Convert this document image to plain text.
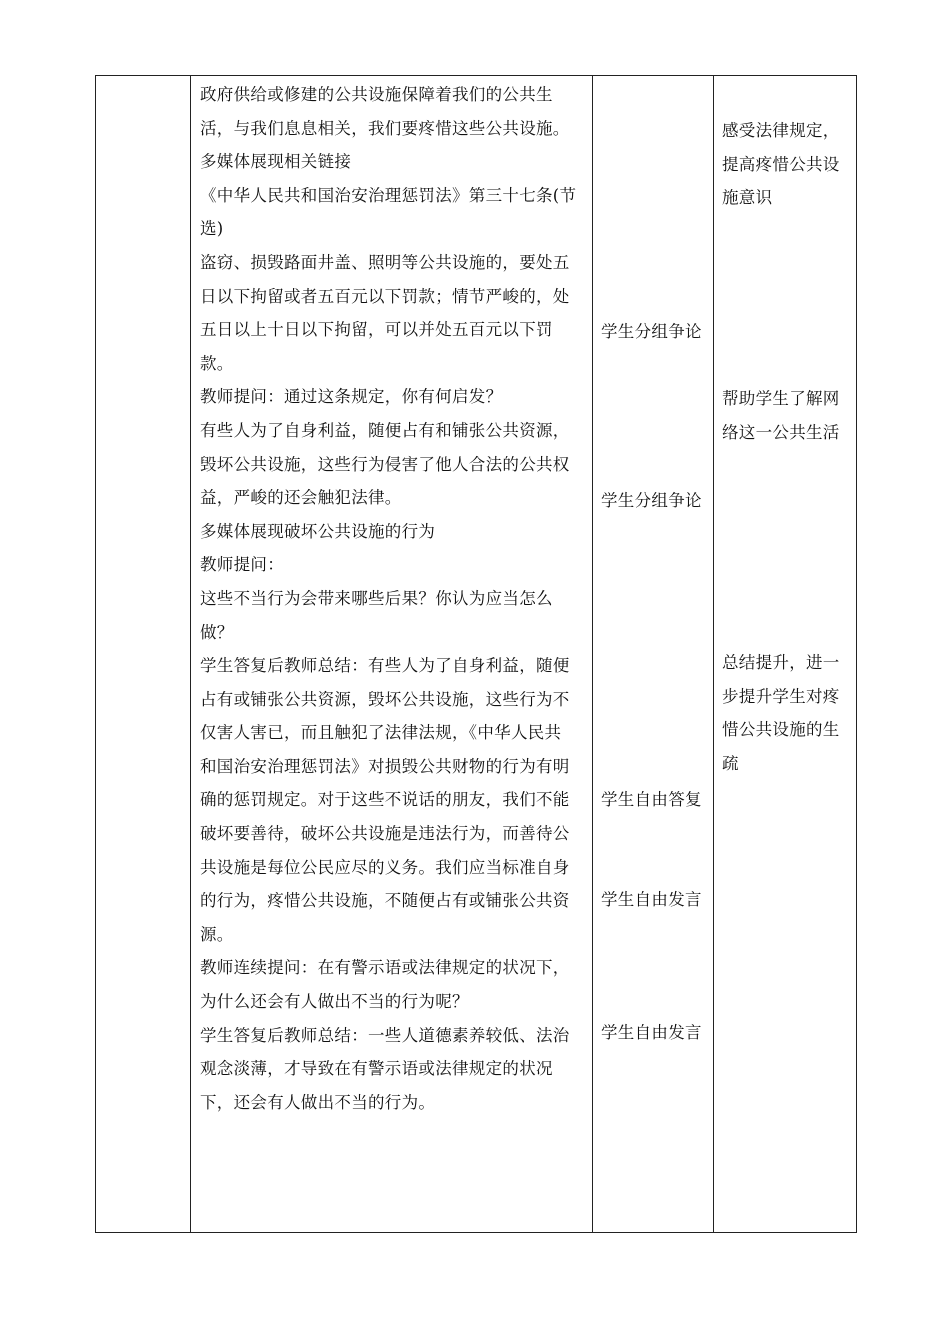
政府供给或修建的公共设施保障着我们的公共生
活，与我们息息相关，我们要疼惜这些公共设施。
多媒体展现相关链接
《中华人民共和国治安治理惩罚法》第三十七条(节
选)
盗窃、损毁路面井盖、照明等公共设施的，要处五
日以下拘留或者五百元以下罚款；情节严峻的，处
五日以上十日以下拘留，可以并处五百元以下罚
款。
教师提问：通过这条规定，你有何启发？
有些人为了自身利益，随便占有和铺张公共资源，
毁坏公共设施，这些行为侵害了他人合法的公共权
益，严峻的还会触犯法律。
多媒体展现破坏公共设施的行为
教师提问：
这些不当行为会带来哪些后果？你认为应当怎么
做？
学生答复后教师总结：有些人为了自身利益，随便
占有或铺张公共资源，毁坏公共设施，这些行为不
仅害人害已，而且触犯了法律法规，《中华人民共
和国治安治理惩罚法》对损毁公共财物的行为有明
确的惩罚规定。对于这些不说话的朋友，我们不能
破坏要善待，破坏公共设施是违法行为，而善待公
共设施是每位公民应尽的义务。我们应当标准自身
的行为，疼惜公共设施，不随便占有或铺张公共资
源。
教师连续提问：在有警示语或法律规定的状况下，
为什么还会有人做出不当的行为呢？
学生答复后教师总结：一些人道德素养较低、法治
观念淡薄，才导致在有警示语或法律规定的状况
下，还会有人做出不当的行为。
学生分组争论
学生分组争论
学生自由答复
学生自由发言
学生自由发言
感受法律规定，
提高疼惜公共设
施意识
帮助学生了解网
络这一公共生活
总结提升，进一
步提升学生对疼
惜公共设施的生
疏
